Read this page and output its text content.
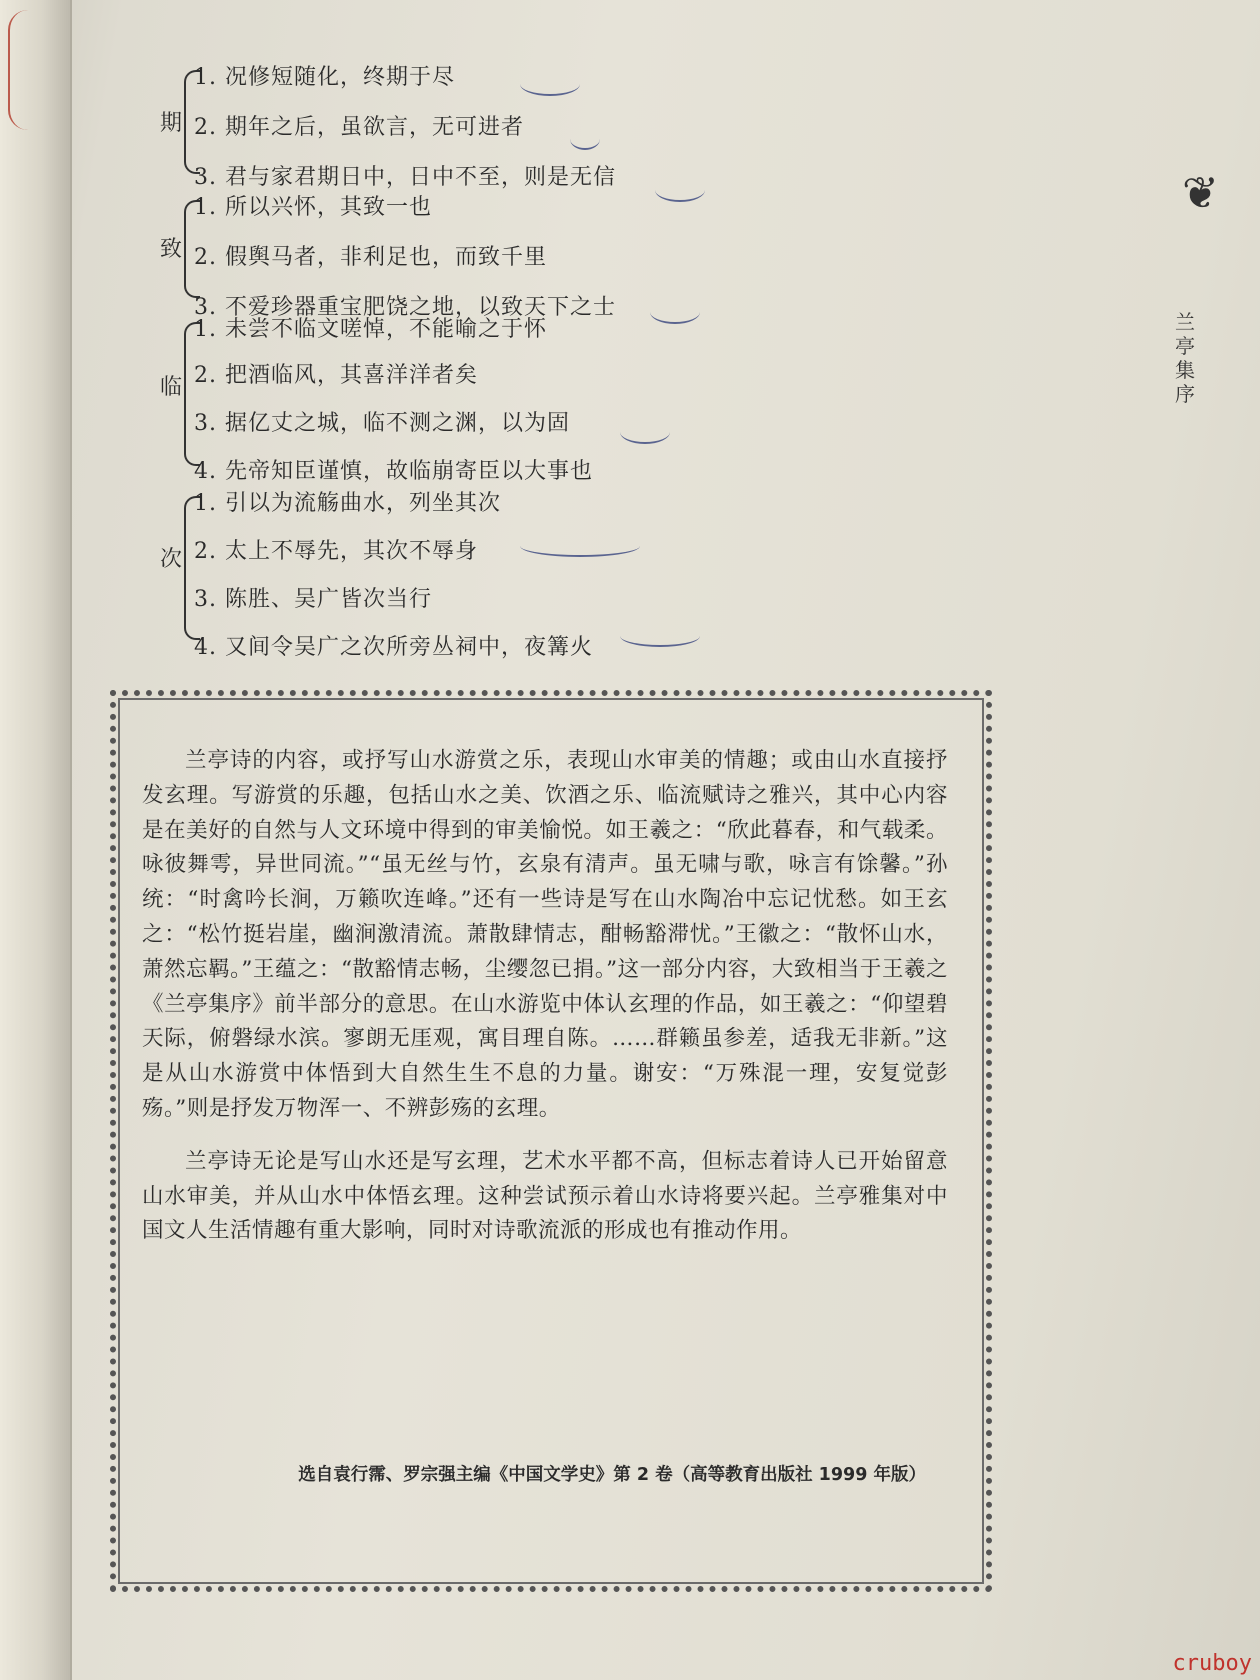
❦
兰亭集序
期
1. 况修短随化，终期于尽
2. 期年之后，虽欲言，无可进者
3. 君与家君期日中，日中不至，则是无信
致
1. 所以兴怀，其致一也
2. 假舆马者，非利足也，而致千里
3. 不爱珍器重宝肥饶之地，以致天下之士
临
1. 未尝不临文嗟悼，不能喻之于怀
2. 把酒临风，其喜洋洋者矣
3. 据亿丈之城，临不测之渊，以为固
4. 先帝知臣谨慎，故临崩寄臣以大事也
次
1. 引以为流觞曲水，列坐其次
2. 太上不辱先，其次不辱身
3. 陈胜、吴广皆次当行
4. 又间令吴广之次所旁丛祠中，夜篝火

兰亭诗的内容，或抒写山水游赏之乐，表现山水审美的情趣；或由山水直接抒发玄理。写游赏的乐趣，包括山水之美、饮酒之乐、临流赋诗之雅兴，其中心内容是在美好的自然与人文环境中得到的审美愉悦。如王羲之：“欣此暮春，和气载柔。咏彼舞雩，异世同流。”“虽无丝与竹，玄泉有清声。虽无啸与歌，咏言有馀馨。”孙统：“时禽吟长涧，万籁吹连峰。”还有一些诗是写在山水陶冶中忘记忧愁。如王玄之：“松竹挺岩崖，幽涧激清流。萧散肆情志，酣畅豁滞忧。”王徽之：“散怀山水，萧然忘羁。”王蕴之：“散豁情志畅，尘缨忽已捐。”这一部分内容，大致相当于王羲之《兰亭集序》前半部分的意思。在山水游览中体认玄理的作品，如王羲之：“仰望碧天际，俯磐绿水滨。寥朗无厓观，寓目理自陈。……群籁虽参差，适我无非新。”这是从山水游赏中体悟到大自然生生不息的力量。谢安：“万殊混一理，安复觉彭殇。”则是抒发万物浑一、不辨彭殇的玄理。

兰亭诗无论是写山水还是写玄理，艺术水平都不高，但标志着诗人已开始留意山水审美，并从山水中体悟玄理。这种尝试预示着山水诗将要兴起。兰亭雅集对中国文人生活情趣有重大影响，同时对诗歌流派的形成也有推动作用。

选自袁行霈、罗宗强主编《中国文学史》第 2 卷（高等教育出版社 1999 年版）
cruboy
